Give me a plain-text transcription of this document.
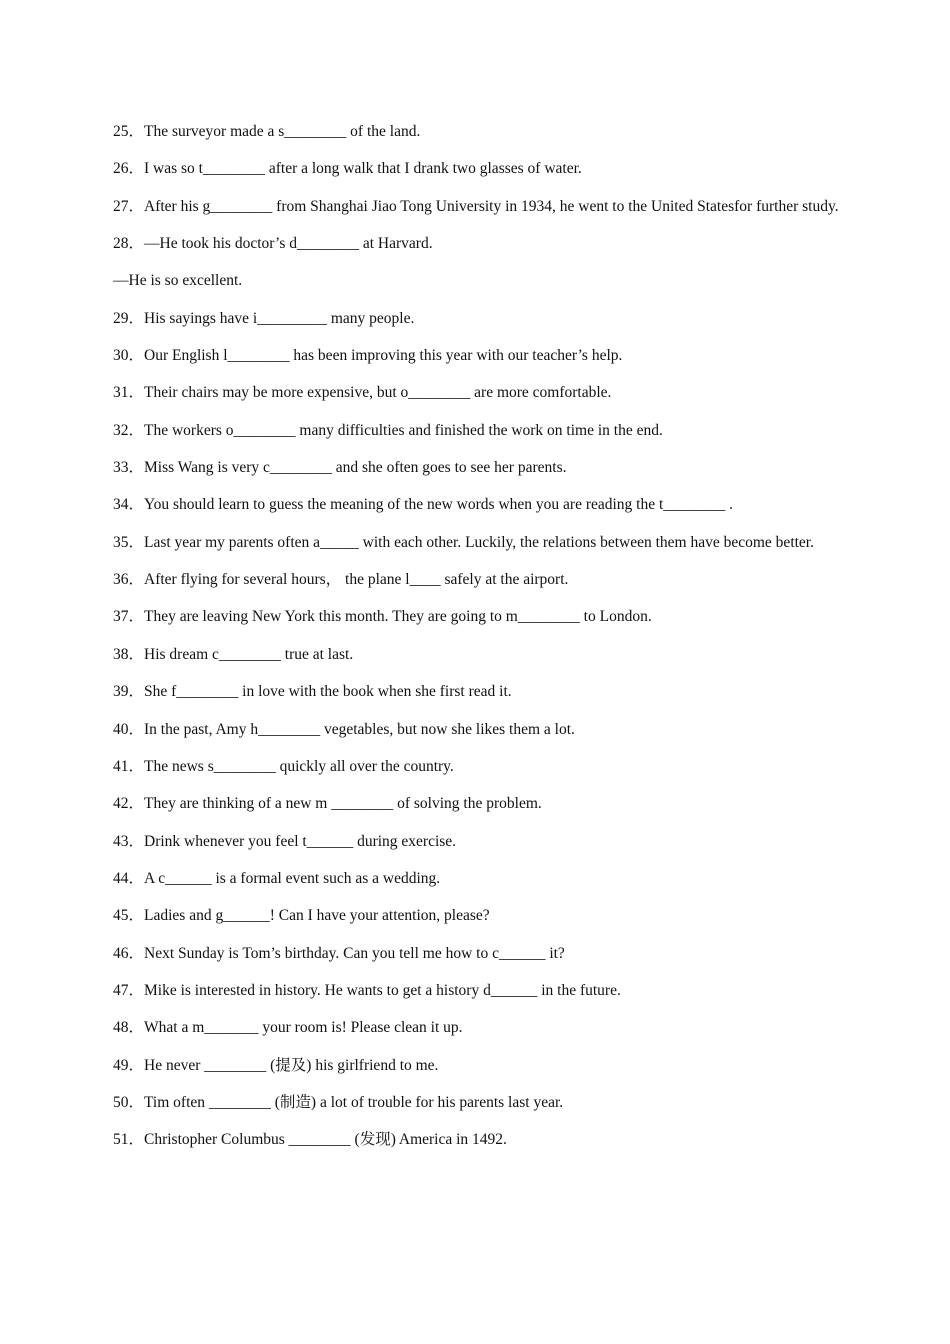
25．The surveyor made a s________ of the land.
26．I was so t________ after a long walk that I drank two glasses of water.
27．After his g________ from Shanghai Jiao Tong University in 1934, he went to the United Statesfor further study.
28．—He took his doctor’s d________ at Harvard.
—He is so excellent.
29．His sayings have i_________ many people.
30．Our English l________ has been improving this year with our teacher’s help.
31．Their chairs may be more expensive, but o________ are more comfortable.
32．The workers o________ many difficulties and finished the work on time in the end.
33．Miss Wang is very c________ and she often goes to see her parents.
34．You should learn to guess the meaning of the new words when you are reading the t________ .
35．Last year my parents often a_____ with each other. Luckily, the relations between them have become better.
36．After flying for several hours， the plane l____ safely at the airport.
37．They are leaving New York this month. They are going to m________ to London.
38．His dream c________ true at last.
39．She f________ in love with the book when she first read it.
40．In the past, Amy h________ vegetables, but now she likes them a lot.
41．The news s________ quickly all over the country.
42．They are thinking of a new m ________ of solving the problem.
43．Drink whenever you feel t______ during exercise.
44．A c______ is a formal event such as a wedding.
45．Ladies and g______! Can I have your attention, please?
46．Next Sunday is Tom’s birthday. Can you tell me how to c______ it?
47．Mike is interested in history. He wants to get a history d______ in the future.
48．What a m_______ your room is! Please clean it up.
49．He never ________ (提及) his girlfriend to me.
50．Tim often ________ (制造) a lot of trouble for his parents last year.
51．Christopher Columbus ________ (发现) America in 1492.
